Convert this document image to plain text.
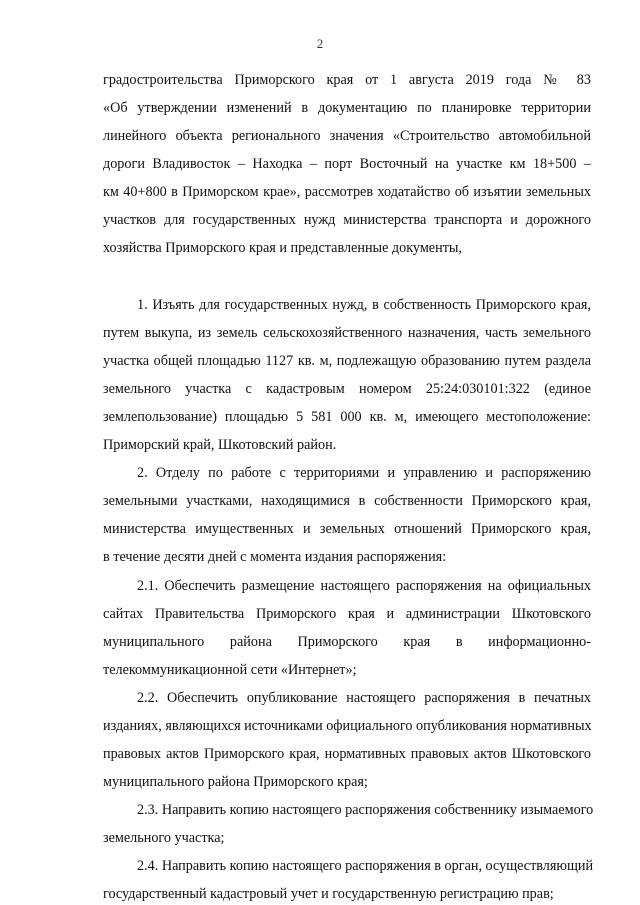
2
градостроительства Приморского края от 1 августа 2019 года № 83
«Об утверждении изменений в документацию по планировке территории
линейного объекта регионального значения «Строительство автомобильной
дороги Владивосток – Находка – порт Восточный на участке км 18+500 –
км 40+800 в Приморском крае», рассмотрев ходатайство об изъятии земельных
участков для государственных нужд министерства транспорта и дорожного
хозяйства Приморского края и представленные документы,
1. Изъять для государственных нужд, в собственность Приморского края,
путем выкупа, из земель сельскохозяйственного назначения, часть земельного
участка общей площадью 1127 кв. м, подлежащую образованию путем раздела
земельного участка с кадастровым номером 25:24:030101:322 (единое
землепользование) площадью 5 581 000 кв. м, имеющего местоположение:
Приморский край, Шкотовский район.
2. Отделу по работе с территориями и управлению и распоряжению
земельными участками, находящимися в собственности Приморского края,
министерства имущественных и земельных отношений Приморского края,
в течение десяти дней с момента издания распоряжения:
2.1. Обеспечить размещение настоящего распоряжения на официальных
сайтах Правительства Приморского края и администрации Шкотовского
муниципального района Приморского края в информационно-
телекоммуникационной сети «Интернет»;
2.2. Обеспечить опубликование настоящего распоряжения в печатных
изданиях, являющихся источниками официального опубликования нормативных
правовых актов Приморского края, нормативных правовых актов Шкотовского
муниципального района Приморского края;
2.3. Направить копию настоящего распоряжения собственнику изымаемого
земельного участка;
2.4. Направить копию настоящего распоряжения в орган, осуществляющий
государственный кадастровый учет и государственную регистрацию прав;
